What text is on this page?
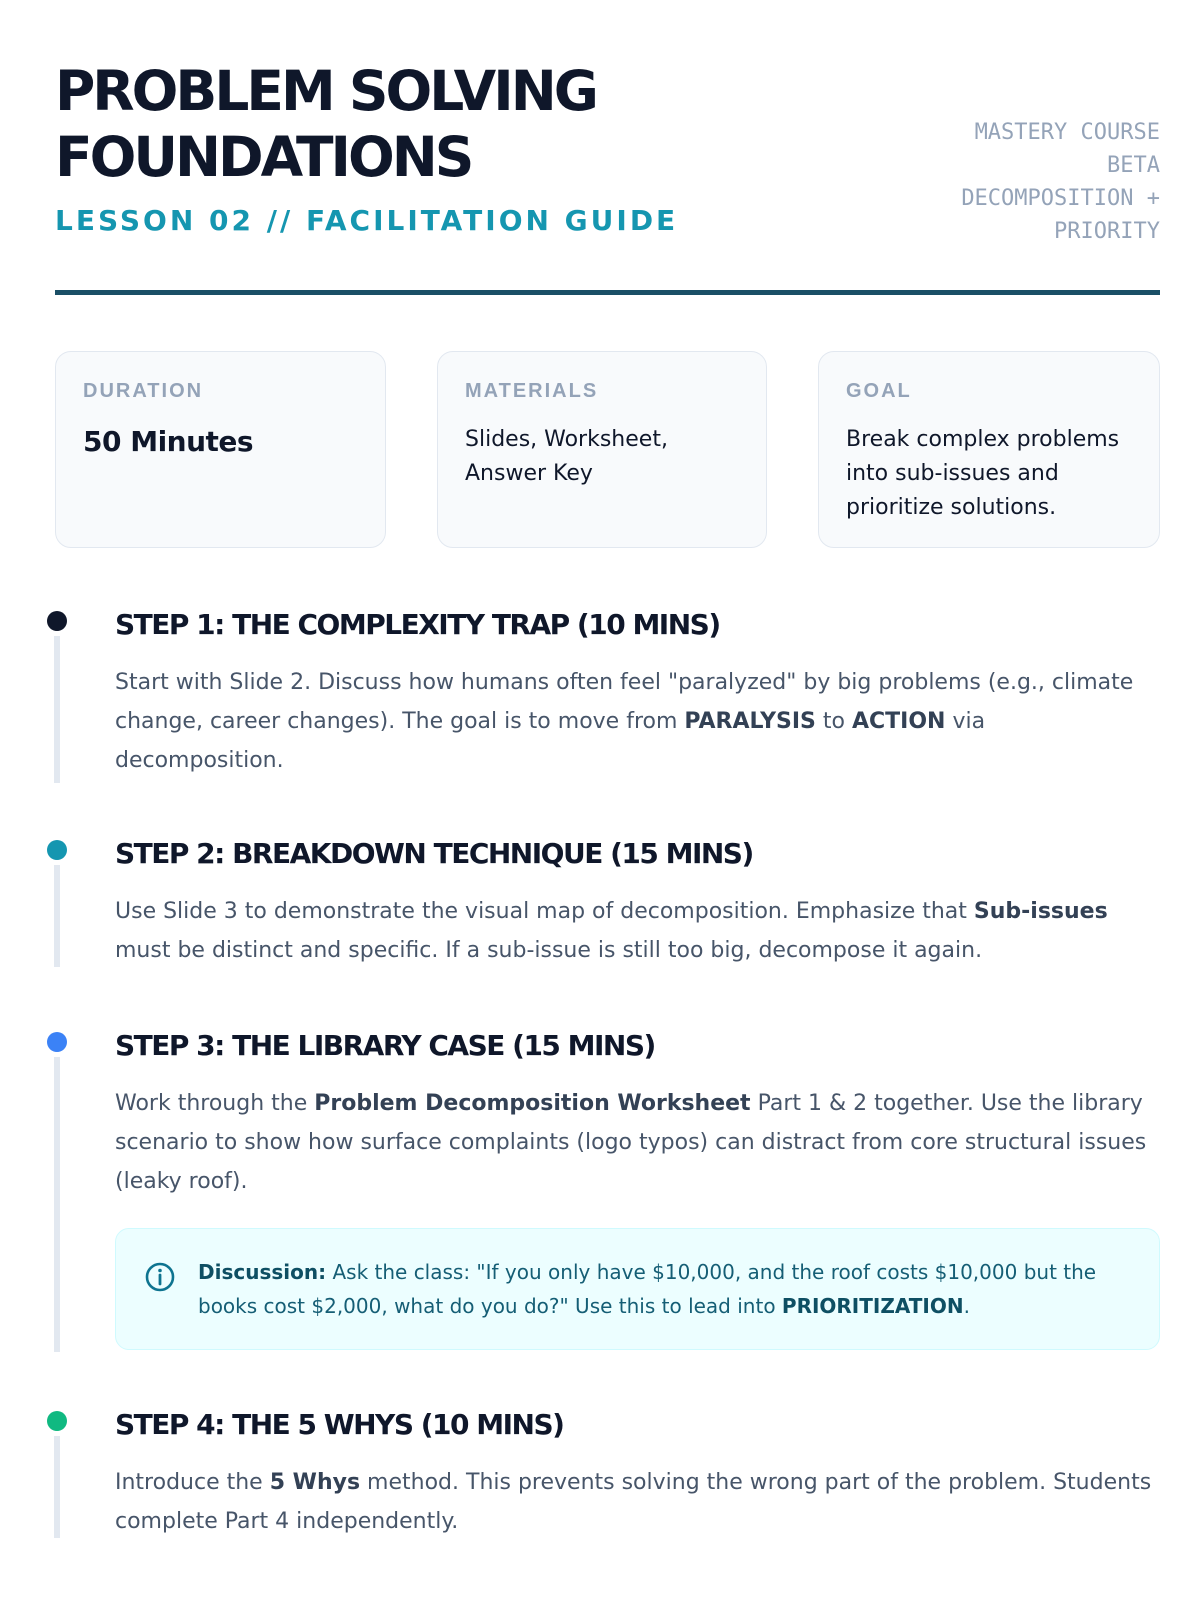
PROBLEM SOLVING
FOUNDATIONS
LESSON 02 // FACILITATION GUIDE
MASTERY COURSE
BETA
DECOMPOSITION +
PRIORITY
DURATION
50 Minutes
MATERIALS
Slides, Worksheet, Answer Key
GOAL
Break complex problems into sub-issues and prioritize solutions.
STEP 1: THE COMPLEXITY TRAP (10 MINS)
Start with Slide 2. Discuss how humans often feel "paralyzed" by big problems (e.g., climate change, career changes). The goal is to move from PARALYSIS to ACTION via decomposition.
STEP 2: BREAKDOWN TECHNIQUE (15 MINS)
Use Slide 3 to demonstrate the visual map of decomposition. Emphasize that Sub-issues must be distinct and specific. If a sub-issue is still too big, decompose it again.
STEP 3: THE LIBRARY CASE (15 MINS)
Work through the Problem Decomposition Worksheet Part 1 & 2 together. Use the library scenario to show how surface complaints (logo typos) can distract from core structural issues (leaky roof).
Discussion: Ask the class: "If you only have $10,000, and the roof costs $10,000 but the books cost $2,000, what do you do?" Use this to lead into PRIORITIZATION.
STEP 4: THE 5 WHYS (10 MINS)
Introduce the 5 Whys method. This prevents solving the wrong part of the problem. Students complete Part 4 independently.
